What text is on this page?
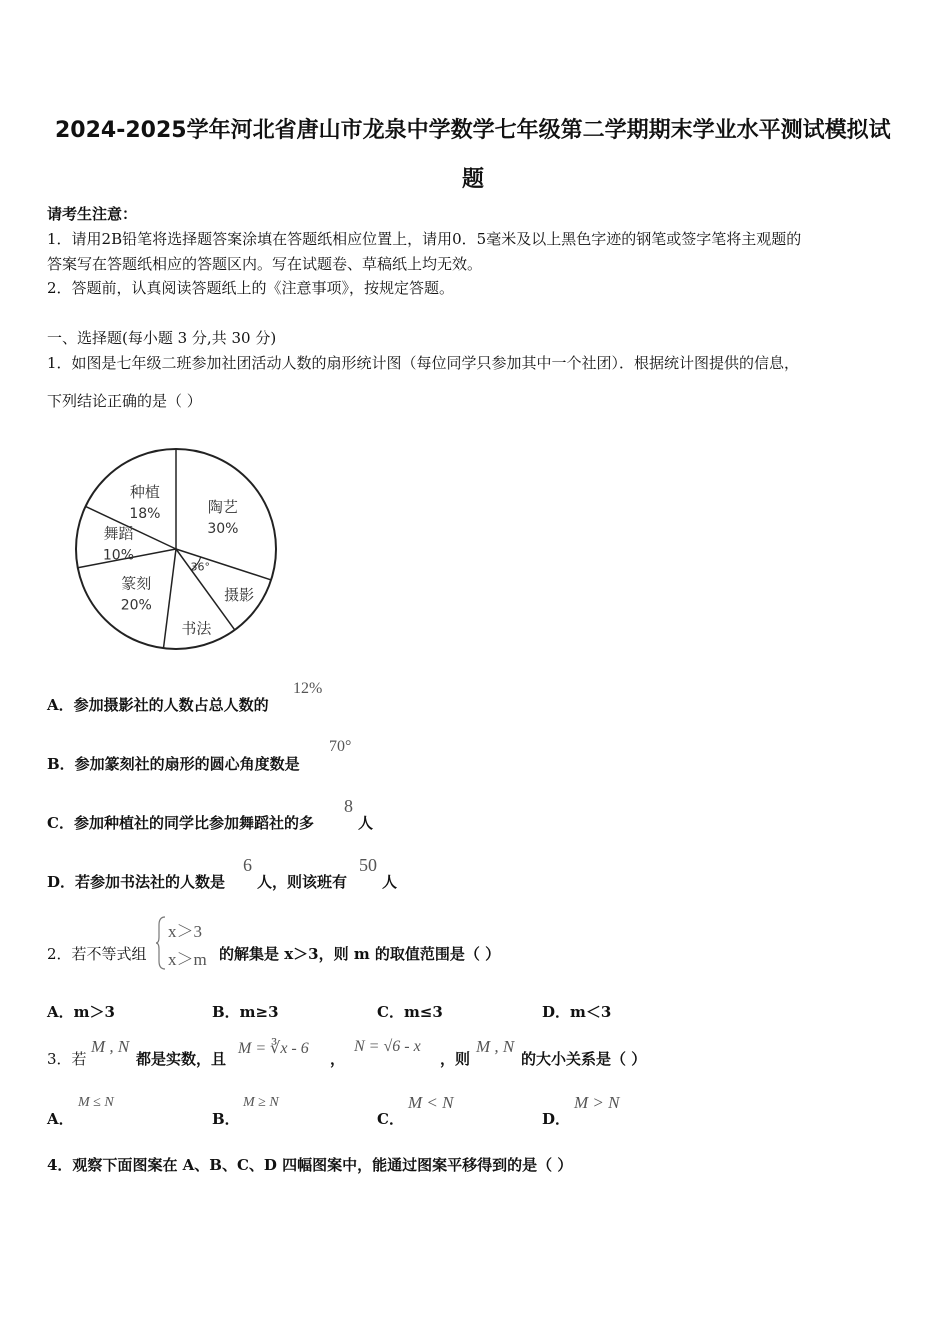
2024-2025学年河北省唐山市龙泉中学数学七年级第二学期期末学业水平测试模拟试
题
请考生注意：
1．请用2B铅笔将选择题答案涂填在答题纸相应位置上，请用0．5毫米及以上黑色字迹的钢笔或签字笔将主观题的
答案写在答题纸相应的答题区内。写在试题卷、草稿纸上均无效。
2．答题前，认真阅读答题纸上的《注意事项》，按规定答题。
一、选择题(每小题 3 分,共 30 分)
1．如图是七年级二班参加社团活动人数的扇形统计图（每位同学只参加其中一个社团）．根据统计图提供的信息，
下列结论正确的是（ ）
陶艺
30%
摄影
36°
书法
篆刻
20%
舞蹈
10%
种植
18%
A．参加摄影社的人数占总人数的
12%
B．参加篆刻社的扇形的圆心角度数是
70°
C．参加种植社的同学比参加舞蹈社的多
8
人
D．若参加书法社的人数是
6
人，则该班有
50
人
2．若不等式组
x＞3
x＞m 的解集是 x＞3，则 m 的取值范围是（ ）
A．m＞3	B．m≥3	C．m≤3	D．m＜3
3．若
M , N
都是实数，且
M = ∛x - 6
，
N = √6 - x
，则
M , N
的大小关系是（ ）
A．
M ≤ N
B．
M ≥ N
C．
M < N
D．
M > N
4．观察下面图案在 A、B、C、D 四幅图案中，能通过图案平移得到的是（ ）
